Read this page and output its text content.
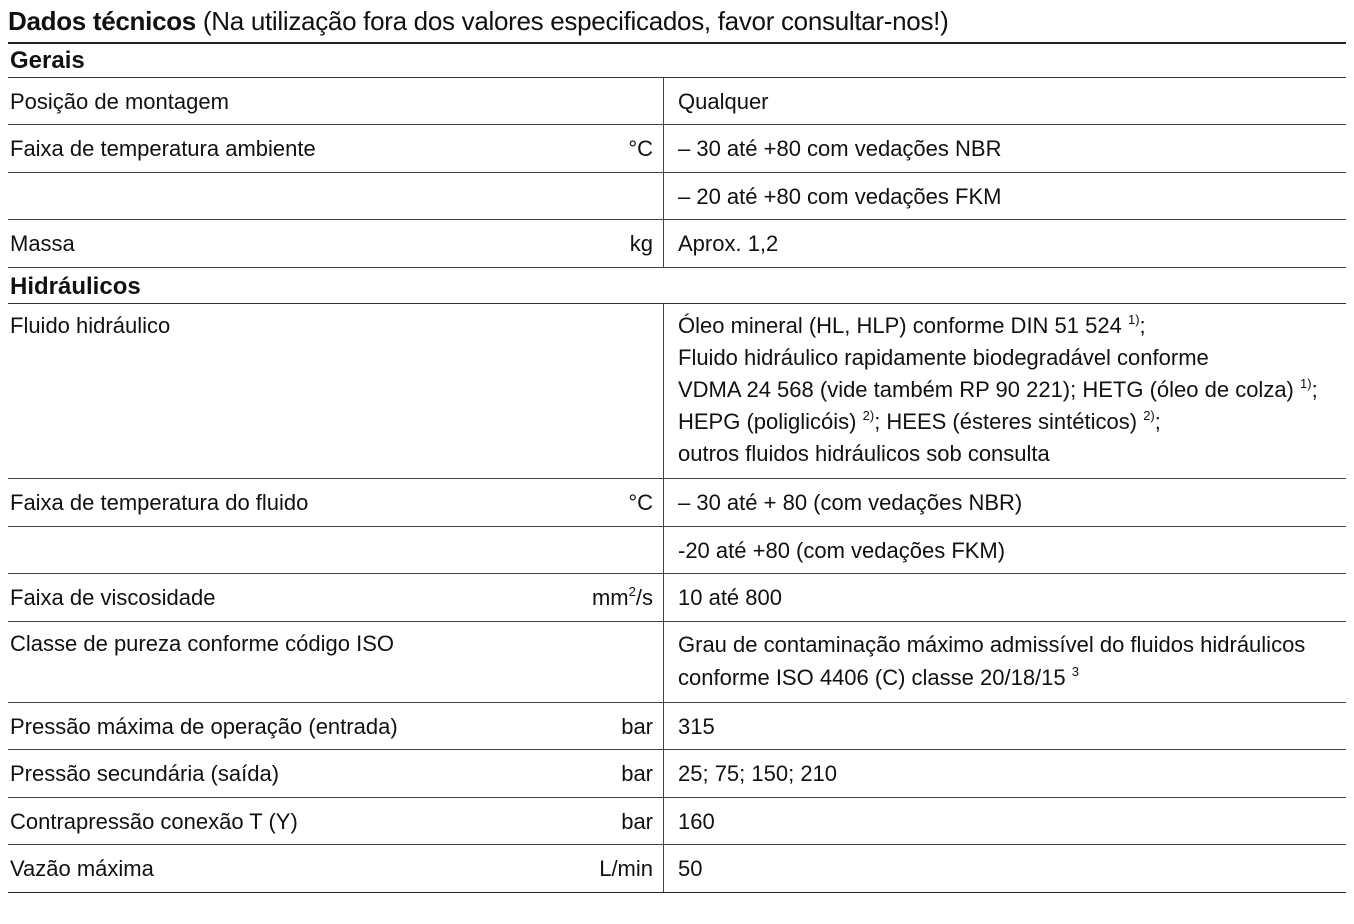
Dados técnicos (Na utilização fora dos valores especificados, favor consultar-nos!)
Gerais
Posição de montagem	Qualquer
Faixa de temperatura ambiente	°C	– 30 até +80 com vedações NBR
– 20 até +80 com vedações FKM
Massa	kg	Aprox. 1,2
Hidráulicos
Fluido hidráulico	Óleo mineral (HL, HLP) conforme DIN 51 524 $^{1)}$;
Fluido hidráulico rapidamente biodegradável conforme
VDMA 24 568 (vide também RP 90 221); HETG (óleo de colza) $^{1)}$;
HEPG (poliglicóis) $^{2)}$; HEES (ésteres sintéticos) $^{2)}$;
outros fluidos hidráulicos sob consulta
Faixa de temperatura do fluido	°C	– 30 até + 80 (com vedações NBR)
-20 até +80 (com vedações FKM)
Faixa de viscosidade	$mm^2/s$	10 até 800
Classe de pureza conforme código ISO	Grau de contaminação máximo admissível do fluidos hidráulicos
conforme ISO 4406 (C) classe 20/18/15 $^3$
Pressão máxima de operação (entrada)	bar	315
Pressão secundária (saída)	bar	25; 75; 150; 210
Contrapressão conexão T (Y)	bar	160
Vazão máxima	L/min	50
